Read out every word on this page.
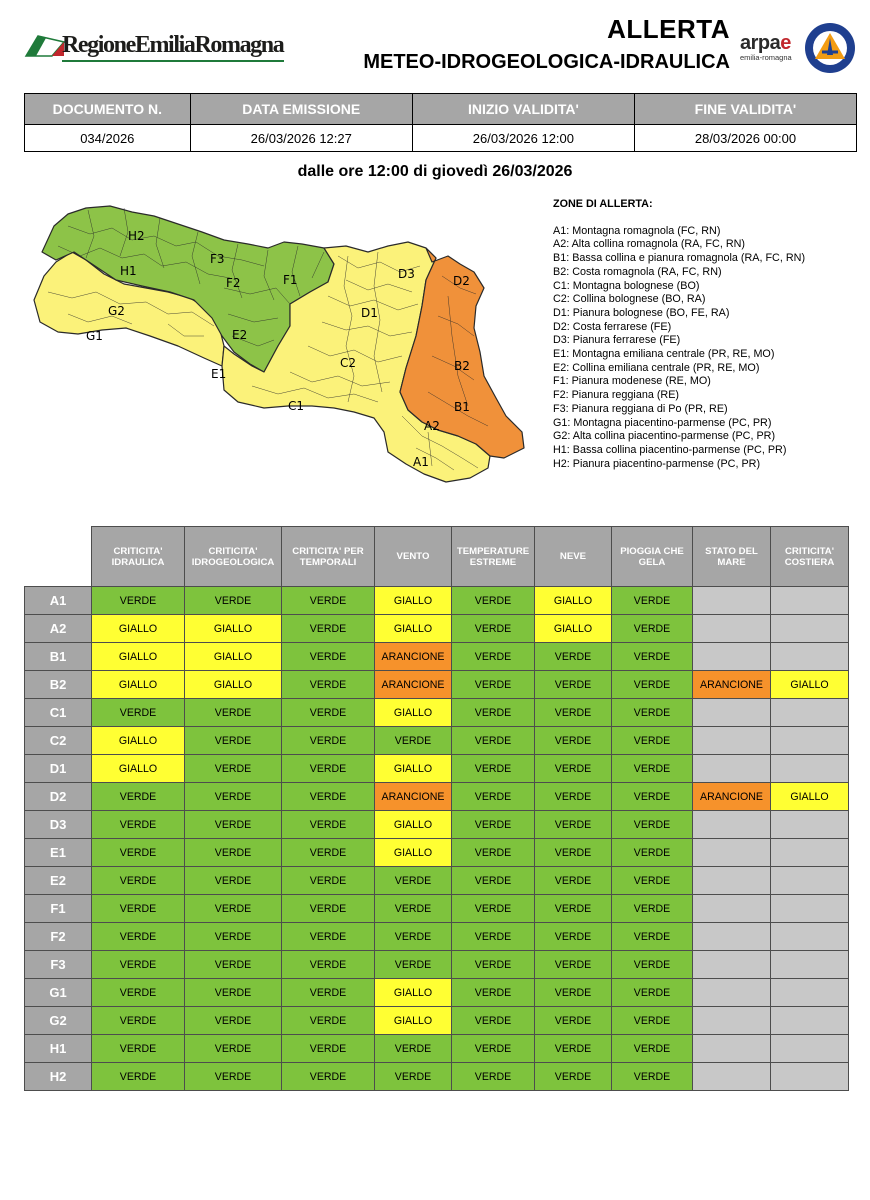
RegioneEmiliaRomagna
ALLERTA
METEO-IDROGEOLOGICA-IDRAULICA
arpae
emilia-romagna
DOCUMENTO N.	DATA EMISSIONE	INIZIO VALIDITA'	FINE VALIDITA'
034/2026	26/03/2026 12:27	26/03/2026 12:00	28/03/2026 00:00
dalle ore 12:00 di giovedì 26/03/2026
H2
H1
F3
F2	F1	D3	D2
G2
G1	E2
D1
C2	B2
E1
C1	B1
A2
A1
ZONE DI ALLERTA:
A1: Montagna romagnola (FC, RN)
A2: Alta collina romagnola (RA, FC, RN)
B1: Bassa collina e pianura romagnola (RA, FC, RN)
B2: Costa romagnola (RA, FC, RN)
C1: Montagna bolognese (BO)
C2: Collina bolognese (BO, RA)
D1: Pianura bolognese (BO, FE, RA)
D2: Costa ferrarese (FE)
D3: Pianura ferrarese (FE)
E1: Montagna emiliana centrale (PR, RE, MO)
E2: Collina emiliana centrale (PR, RE, MO)
F1: Pianura modenese (RE, MO)
F2: Pianura reggiana (RE)
F3: Pianura reggiana di Po (PR, RE)
G1: Montagna piacentino-parmense (PC, PR)
G2: Alta collina piacentino-parmense (PC, PR)
H1: Bassa collina piacentino-parmense (PC, PR)
H2: Pianura piacentino-parmense (PC, PR)
	CRITICITA' IDRAULICA	CRITICITA' IDROGEOLOGICA	CRITICITA' PER TEMPORALI	VENTO	TEMPERATURE ESTREME	NEVE	PIOGGIA CHE GELA	STATO DEL MARE	CRITICITA' COSTIERA
A1	VERDE	VERDE	VERDE	GIALLO	VERDE	GIALLO	VERDE		
A2	GIALLO	GIALLO	VERDE	GIALLO	VERDE	GIALLO	VERDE		
B1	GIALLO	GIALLO	VERDE	ARANCIONE	VERDE	VERDE	VERDE		
B2	GIALLO	GIALLO	VERDE	ARANCIONE	VERDE	VERDE	VERDE	ARANCIONE	GIALLO
C1	VERDE	VERDE	VERDE	GIALLO	VERDE	VERDE	VERDE		
C2	GIALLO	VERDE	VERDE	VERDE	VERDE	VERDE	VERDE		
D1	GIALLO	VERDE	VERDE	GIALLO	VERDE	VERDE	VERDE		
D2	VERDE	VERDE	VERDE	ARANCIONE	VERDE	VERDE	VERDE	ARANCIONE	GIALLO
D3	VERDE	VERDE	VERDE	GIALLO	VERDE	VERDE	VERDE		
E1	VERDE	VERDE	VERDE	GIALLO	VERDE	VERDE	VERDE		
E2	VERDE	VERDE	VERDE	VERDE	VERDE	VERDE	VERDE		
F1	VERDE	VERDE	VERDE	VERDE	VERDE	VERDE	VERDE		
F2	VERDE	VERDE	VERDE	VERDE	VERDE	VERDE	VERDE		
F3	VERDE	VERDE	VERDE	VERDE	VERDE	VERDE	VERDE		
G1	VERDE	VERDE	VERDE	GIALLO	VERDE	VERDE	VERDE		
G2	VERDE	VERDE	VERDE	GIALLO	VERDE	VERDE	VERDE		
H1	VERDE	VERDE	VERDE	VERDE	VERDE	VERDE	VERDE		
H2	VERDE	VERDE	VERDE	VERDE	VERDE	VERDE	VERDE		
